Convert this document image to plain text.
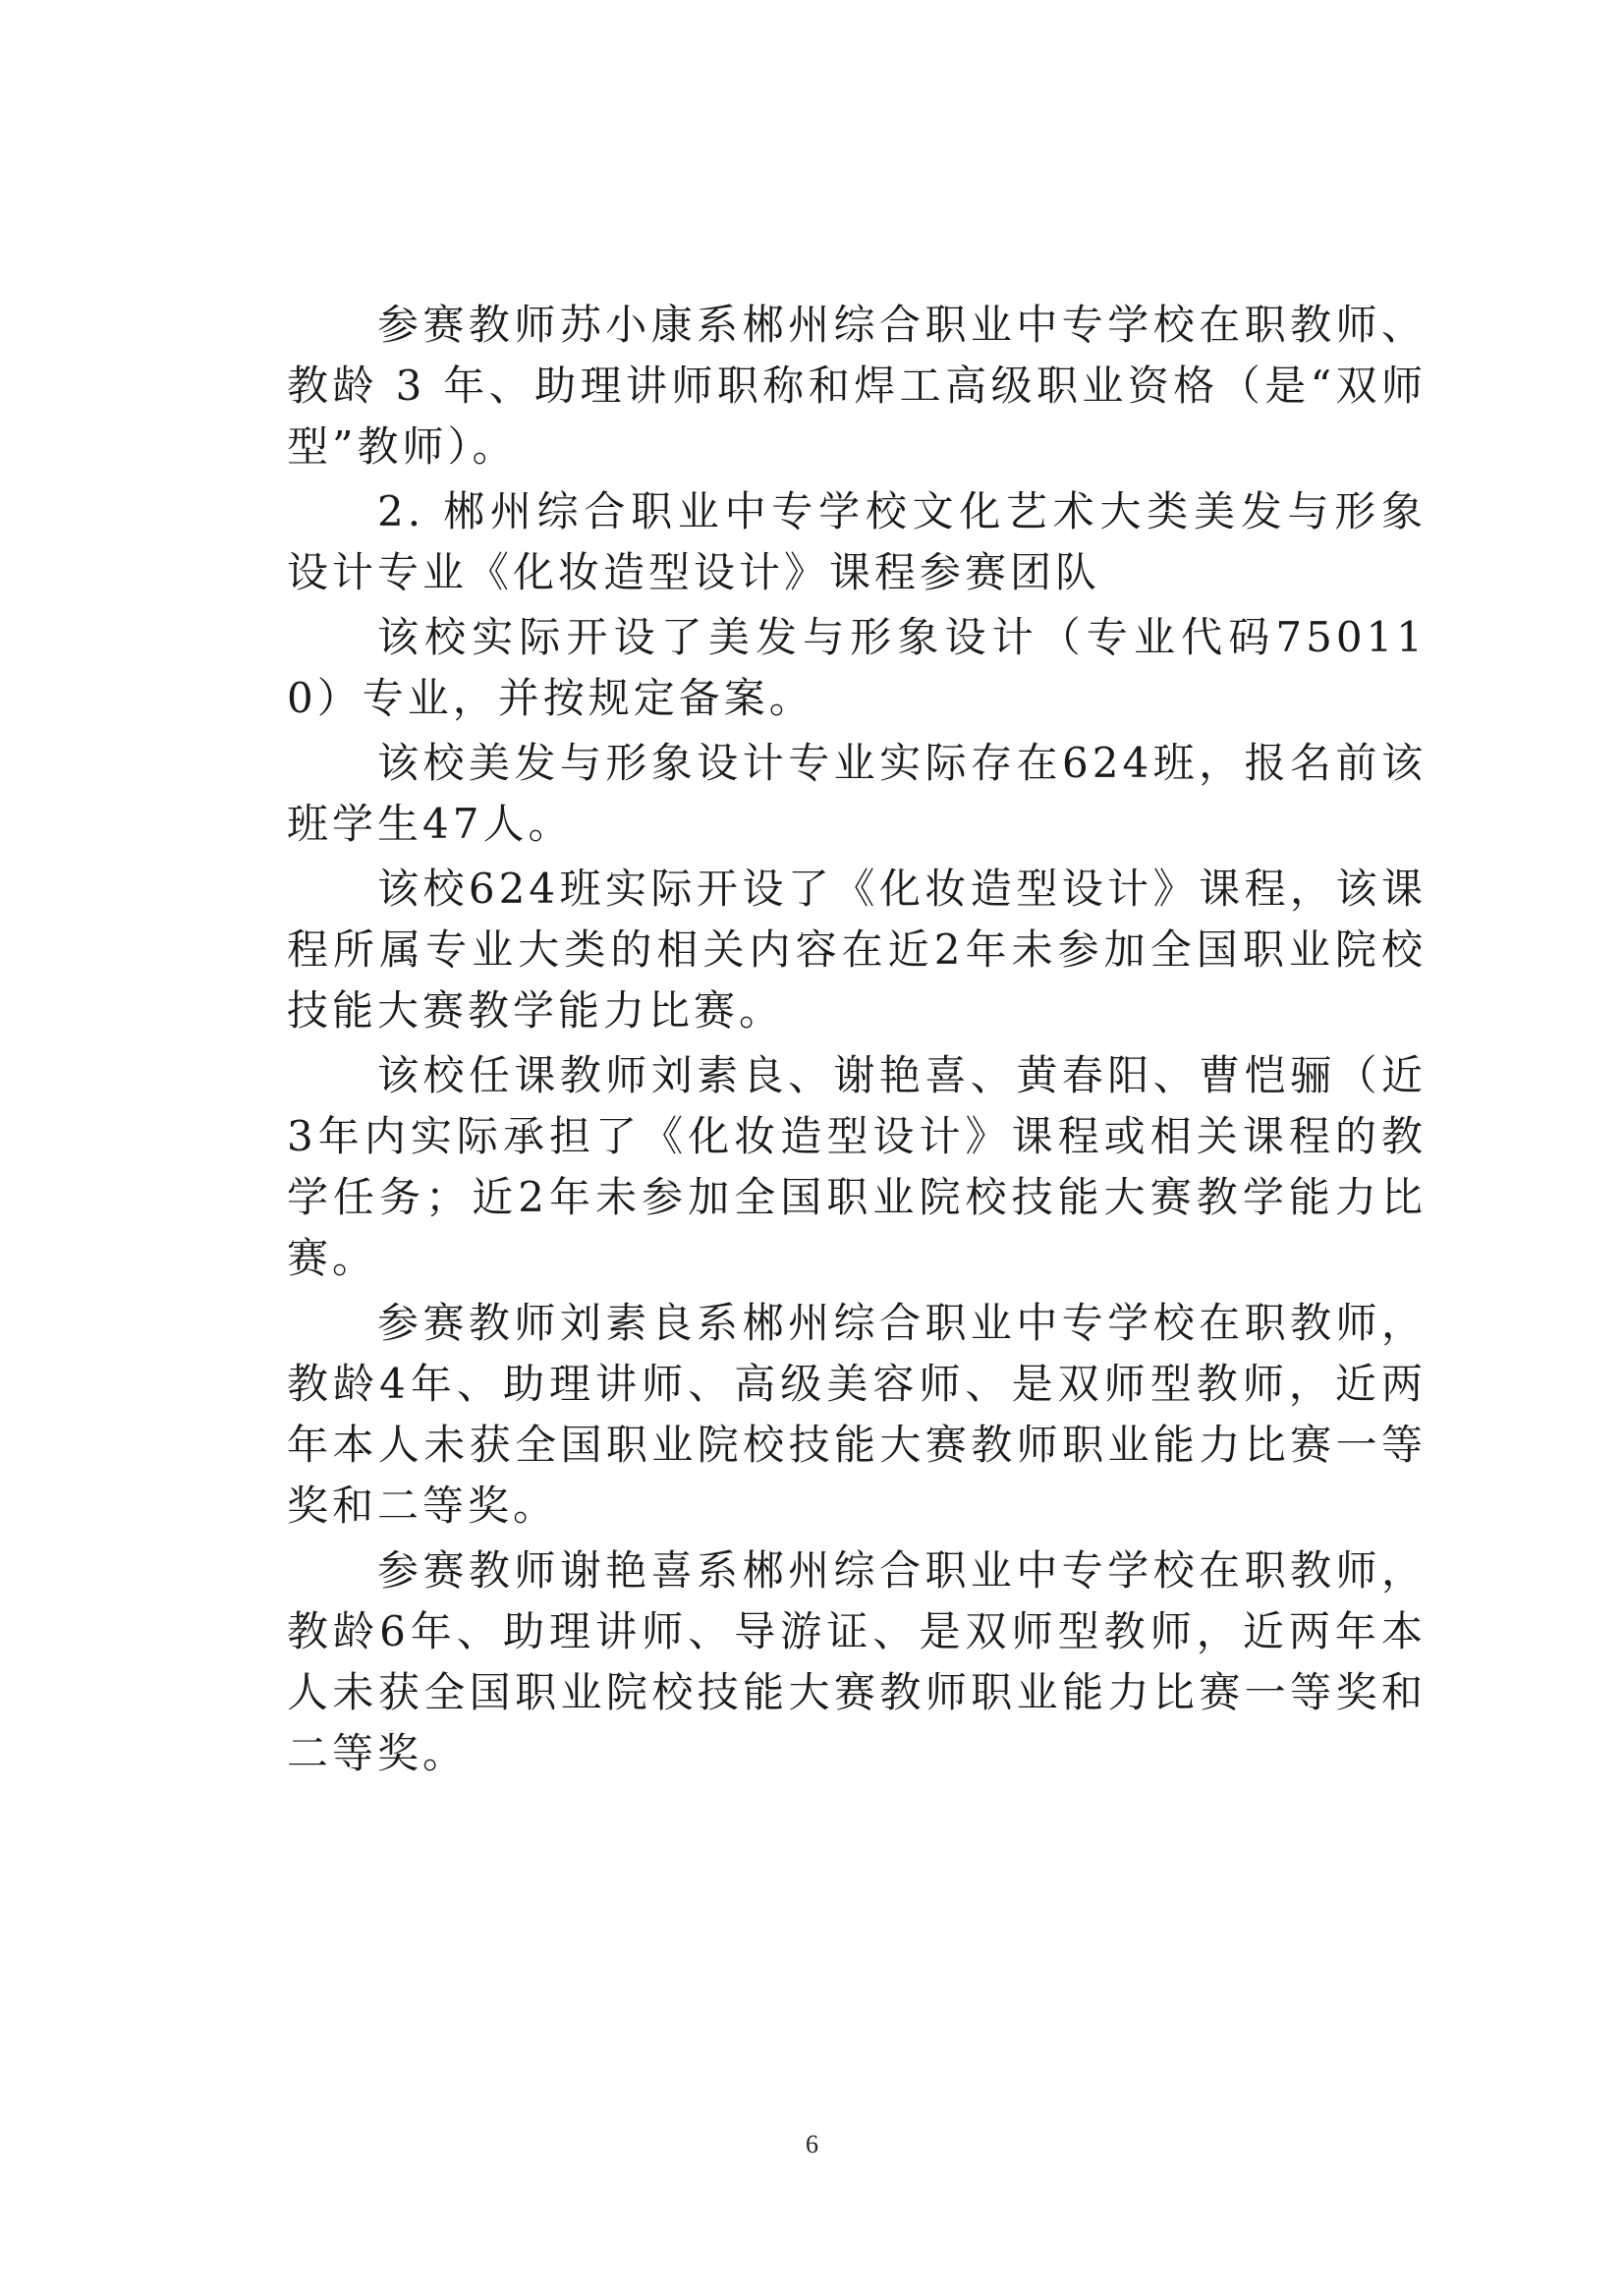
参赛教师苏小康系郴州综合职业中专学校在职教师、教龄 3 年、助理讲师职称和焊工高级职业资格（是“双师型”教师）。

2. 郴州综合职业中专学校文化艺术大类美发与形象设计专业《化妆造型设计》课程参赛团队

该校实际开设了美发与形象设计（专业代码750110）专业，并按规定备案。

该校美发与形象设计专业实际存在624班，报名前该班学生47人。

该校624班实际开设了《化妆造型设计》课程，该课程所属专业大类的相关内容在近2年未参加全国职业院校技能大赛教学能力比赛。

该校任课教师刘素良、谢艳喜、黄春阳、曹恺骊（近3年内实际承担了《化妆造型设计》课程或相关课程的教学任务；近2年未参加全国职业院校技能大赛教学能力比赛。

参赛教师刘素良系郴州综合职业中专学校在职教师，教龄4年、助理讲师、高级美容师、是双师型教师，近两年本人未获全国职业院校技能大赛教师职业能力比赛一等奖和二等奖。

参赛教师谢艳喜系郴州综合职业中专学校在职教师，教龄6年、助理讲师、导游证、是双师型教师，近两年本人未获全国职业院校技能大赛教师职业能力比赛一等奖和二等奖。

6
